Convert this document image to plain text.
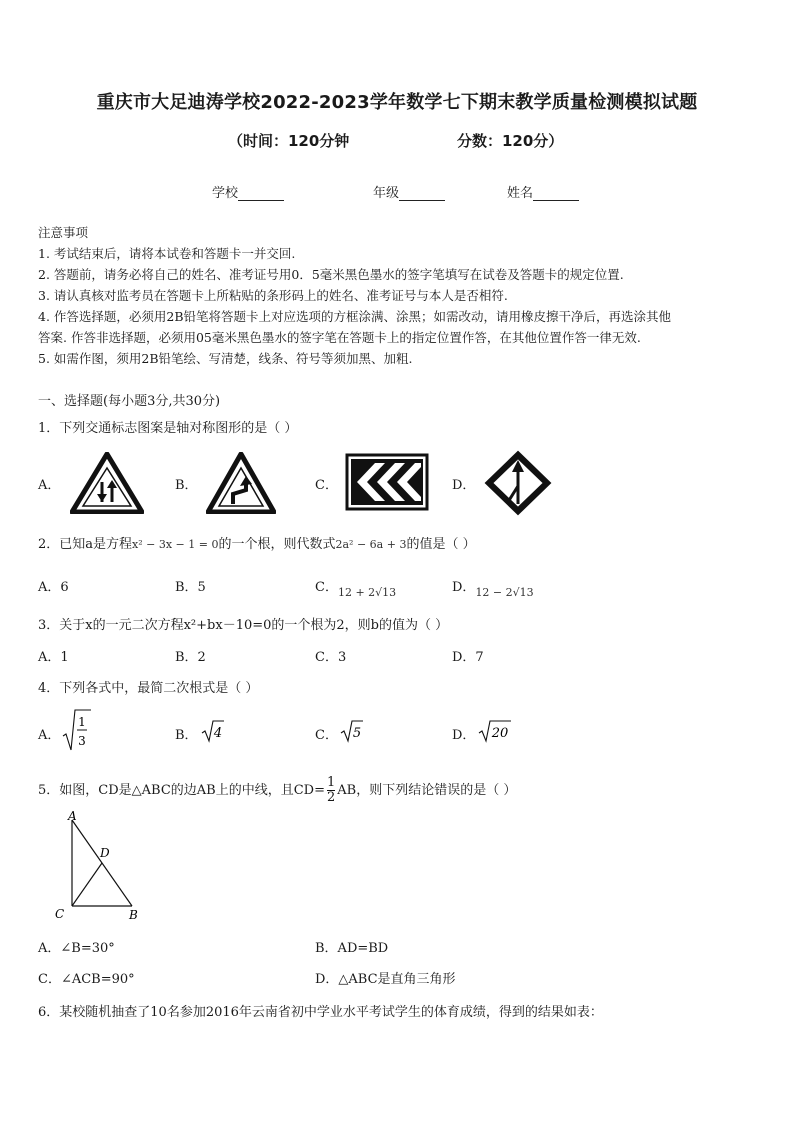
重庆市大足迪涛学校2022-2023学年数学七下期末教学质量检测模拟试题
（时间：120分钟	分数：120分）
学校	年级	姓名
注意事项
1. 考试结束后，请将本试卷和答题卡一并交回.
2. 答题前，请务必将自己的姓名、准考证号用0．5毫米黑色墨水的签字笔填写在试卷及答题卡的规定位置.
3. 请认真核对监考员在答题卡上所粘贴的条形码上的姓名、准考证号与本人是否相符.
4. 作答选择题，必须用2B铅笔将答题卡上对应选项的方框涂满、涂黑；如需改动，请用橡皮擦干净后，再选涂其他
答案. 作答非选择题，必须用05毫米黑色墨水的签字笔在答题卡上的指定位置作答，在其他位置作答一律无效.
5. 如需作图，须用2B铅笔绘、写清楚，线条、符号等须加黑、加粗.
一、选择题(每小题3分,共30分)
1．下列交通标志图案是轴对称图形的是（ ）
A．	B．	C．	D．
2．已知a是方程x² − 3x − 1 = 0的一个根，则代数式2a² − 6a + 3的值是（ ）
A．6	B．5	C．$_{12 + 2√13}$	D．$_{12 - 2√13}$
3．关于x的一元二次方程x²+bx－10=0的一个根为2，则b的值为（ ）
A．1	B．2	C．3	D．7
4．下列各式中，最简二次根式是（ ）
A．
1
3	B． 4	C． 5	D． 20
5．如图，CD是△ABC的边AB上的中线，且$CD= \frac{1}{2}$ AB，则下列结论错误的是（ ）
A
D
C	B
A．∠B=30°	B．AD=BD
C．∠ACB=90°	D．△ABC是直角三角形
6．某校随机抽查了10名参加2016年云南省初中学业水平考试学生的体育成绩，得到的结果如表：
